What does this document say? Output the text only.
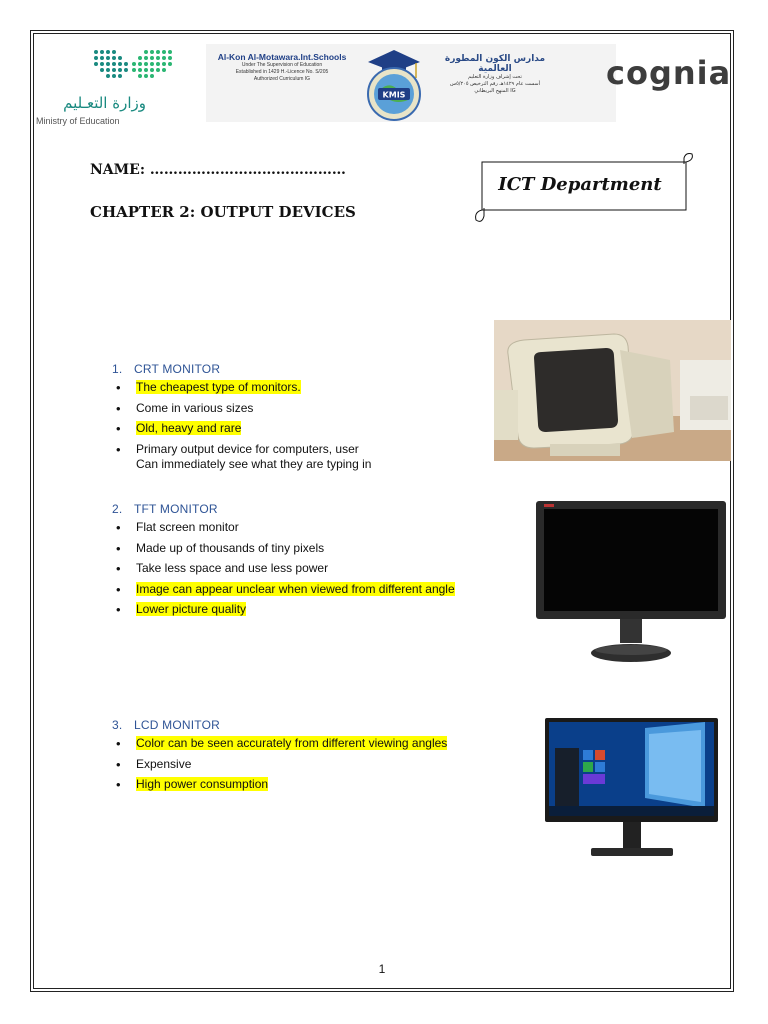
وزارة التعـليم
Ministry of Education
Al-Kon Al-Motawara.Int.Schools
Under The Supervision of Education
Established in 1429 H.-Licence No. S/205
Authorized Curriculum IG
KMIS
مدارس الكون المطورة العالمية
تحت إشراف وزارة التعليم
أسست عام ١٤٢٩هـ رقم الترخيص ٥/٢٠٥س
المنهج البريطاني IG	cognia
NAME: ……………………………………
CHAPTER 2: OUTPUT DEVICES
ICT Department
1. CRT MONITOR
• The cheapest type of monitors.
• Come in various sizes
• Old, heavy and rare
• Primary output device for computers, user
Can immediately see what they are typing in
2. TFT MONITOR
• Flat screen monitor
• Made up of thousands of tiny pixels
• Take less space and use less power
• Image can appear unclear when viewed from different angle
• Lower picture quality
3. LCD MONITOR
• Color can be seen accurately from different viewing angles
• Expensive
• High power consumption
1
